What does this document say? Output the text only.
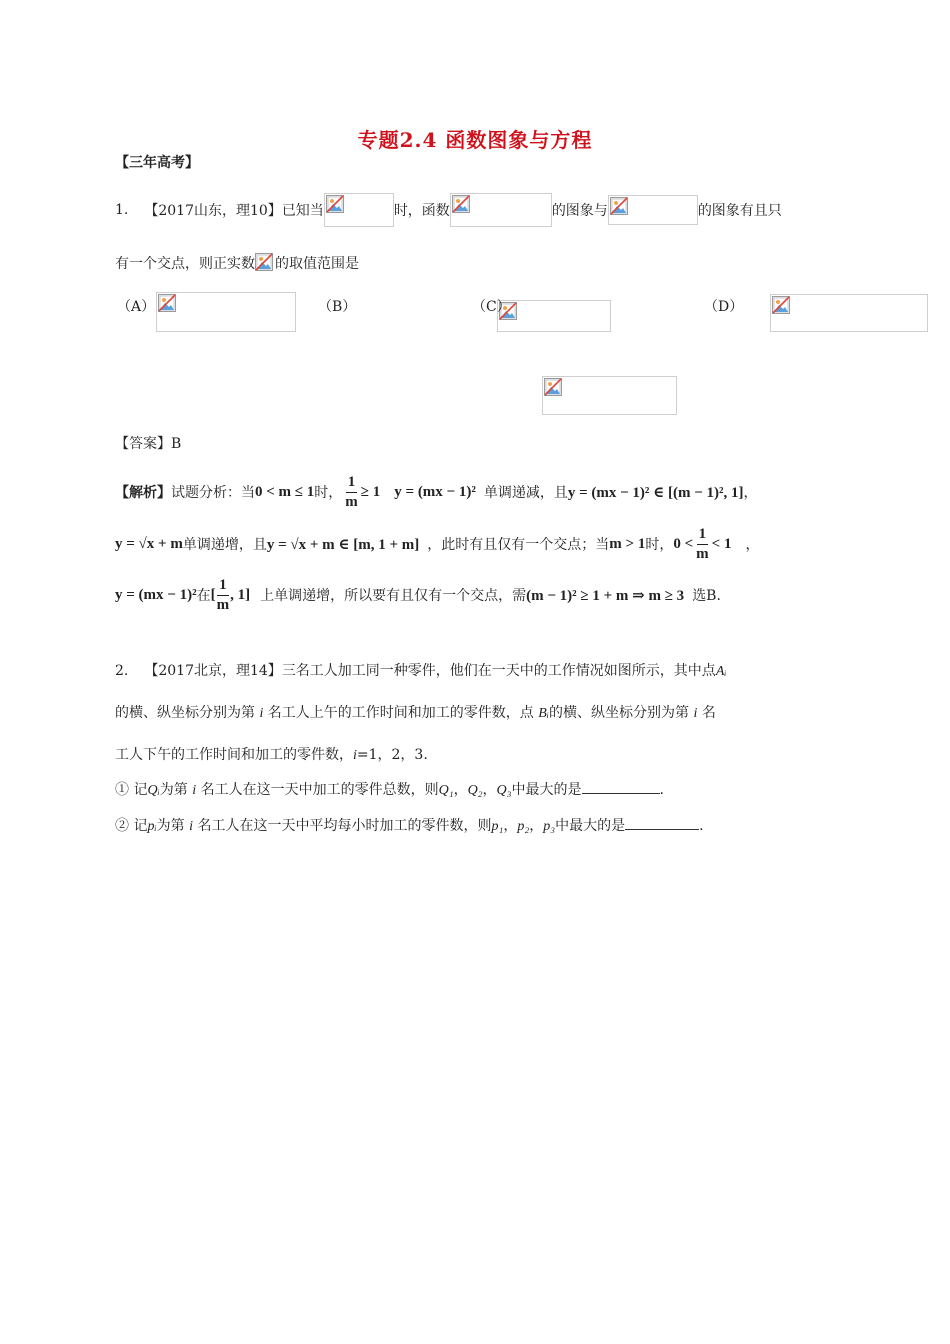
专题2.4 函数图象与方程
【三年高考】
1. 【2017山东，理10】 已知当	时，函数	的图象与	的图象有且只
有一个交点，则正实数 的取值范围是
（A）
	（B）
	（C）
	（D）
【答案】B
【解析】 试题分析：当 0 < m ≤ 1 时， $\frac{1}{m} \ge 1$ y = (mx − 1)² 单调递减，且 y = (mx − 1)² ∈ [(m − 1)², 1] ，
y = √x + m 单调递增，且 y = √x + m ∈ [m, 1 + m] ，此时有且仅有一个交点；当 m > 1 时， $0 < \frac{1}{m} < 1$ ，
y = (mx − 1)² 在 [ $\frac{1}{m}$ , 1] 上单调递增，所以要有且仅有一个交点，需 (m − 1)² ≥ 1 + m ⇒ m ≥ 3 选B.
2. 【2017北京，理14】三名工人加工同一种零件，他们在一天中的工作情况如图所示，其中点Aᵢ
的横、纵坐标分别为第 i 名工人上午的工作时间和加工的零件数，点 Bᵢ的横、纵坐标分别为第 i 名
工人下午的工作时间和加工的零件数，i=1，2，3.
① 记Qᵢ为第 i 名工人在这一天中加工的零件总数，则Q₁，Q₂，Q₃中最大的是	.
② 记pᵢ为第 i 名工人在这一天中平均每小时加工的零件数，则p₁，p₂，p₃中最大的是	.
